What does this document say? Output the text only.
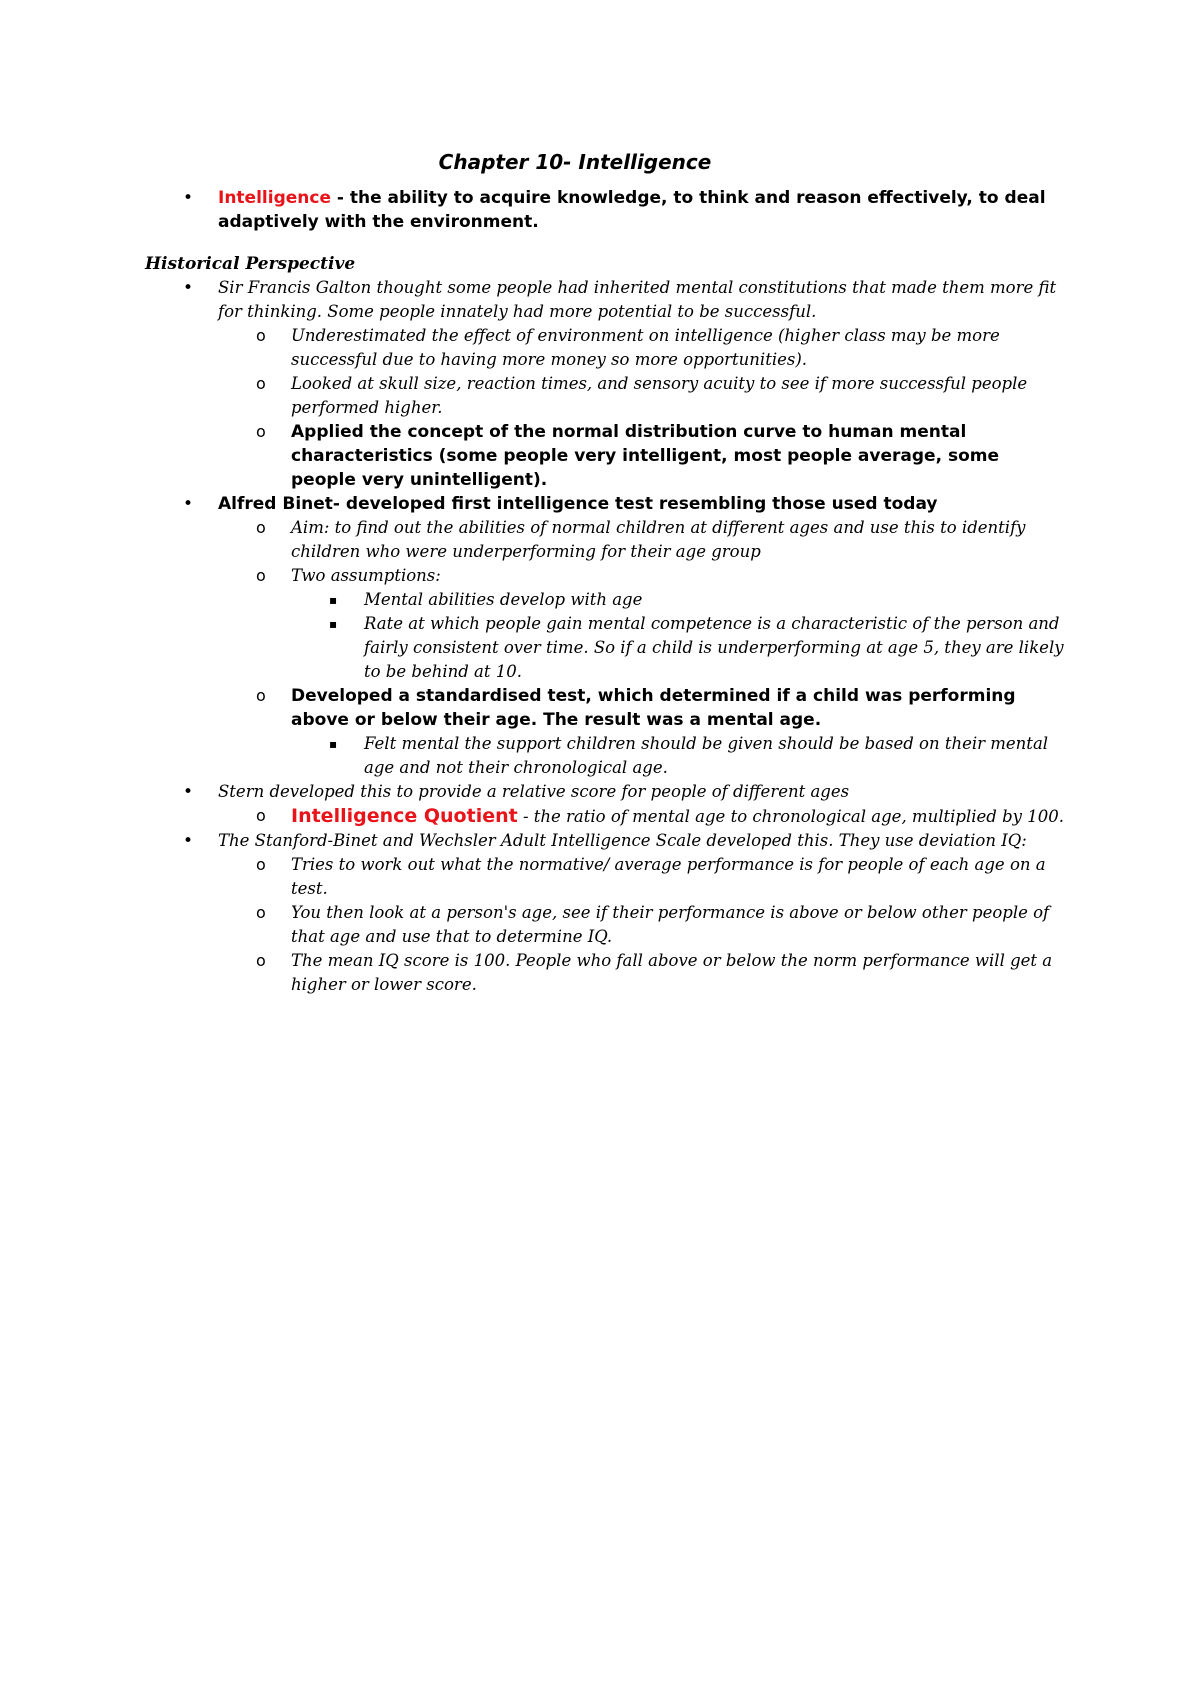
Chapter 10- Intelligence
•	Intelligence - the ability to acquire knowledge, to think and reason effectively, to deal adaptively with the environment.
Historical Perspective
•	Sir Francis Galton thought some people had inherited mental constitutions that made them more fit for thinking. Some people innately had more potential to be successful.
o	Underestimated the effect of environment on intelligence (higher class may be more successful due to having more money so more opportunities).
o	Looked at skull size, reaction times, and sensory acuity to see if more successful people performed higher.
o	Applied the concept of the normal distribution curve to human mental characteristics (some people very intelligent, most people average, some people very unintelligent).
•	Alfred Binet- developed first intelligence test resembling those used today
o	Aim: to find out the abilities of normal children at different ages and use this to identify children who were underperforming for their age group
o	Two assumptions:
▪	Mental abilities develop with age
▪	Rate at which people gain mental competence is a characteristic of the person and fairly consistent over time. So if a child is underperforming at age 5, they are likely to be behind at 10.
o	Developed a standardised test, which determined if a child was performing above or below their age. The result was a mental age.
▪	Felt mental the support children should be given should be based on their mental age and not their chronological age.
•	Stern developed this to provide a relative score for people of different ages
o	Intelligence Quotient - the ratio of mental age to chronological age, multiplied by 100.
•	The Stanford-Binet and Wechsler Adult Intelligence Scale developed this. They use deviation IQ:
o	Tries to work out what the normative/ average performance is for people of each age on a test.
o	You then look at a person's age, see if their performance is above or below other people of that age and use that to determine IQ.
o	The mean IQ score is 100. People who fall above or below the norm performance will get a higher or lower score.
